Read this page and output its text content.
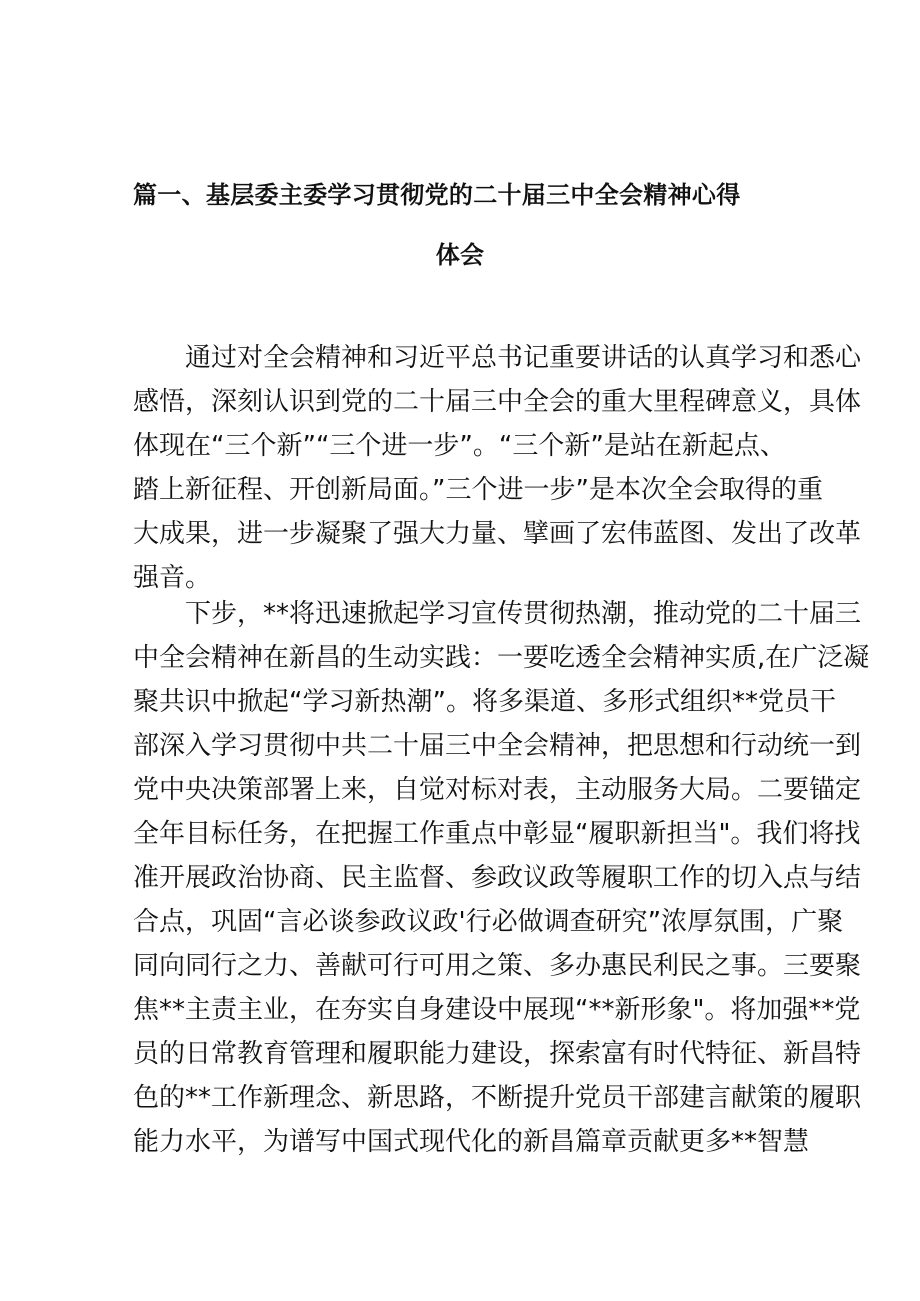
篇一、基层委主委学习贯彻党的二十届三中全会精神心得
体会
通过对全会精神和习近平总书记重要讲话的认真学习和悉心
感悟，深刻认识到党的二十届三中全会的重大里程碑意义，具体
体现在“三个新”“三个进一步”。“三个新”是站在新起点、
踏上新征程、开创新局面。”三个进一步”是本次全会取得的重
大成果，进一步凝聚了强大力量、擘画了宏伟蓝图、发出了改革
强音。
下步，**将迅速掀起学习宣传贯彻热潮，推动党的二十届三
中全会精神在新昌的生动实践：一要吃透全会精神实质,在广泛凝
聚共识中掀起“学习新热潮”。将多渠道、多形式组织**党员干
部深入学习贯彻中共二十届三中全会精神，把思想和行动统一到
党中央决策部署上来，自觉对标对表，主动服务大局。二要锚定
全年目标任务，在把握工作重点中彰显“履职新担当"。我们将找
准开展政治协商、民主监督、参政议政等履职工作的切入点与结
合点，巩固“言必谈参政议政'行必做调查研究”浓厚氛围，广聚
同向同行之力、善献可行可用之策、多办惠民利民之事。三要聚
焦**主责主业，在夯实自身建设中展现“**新形象"。将加强**党
员的日常教育管理和履职能力建设，探索富有时代特征、新昌特
色的**工作新理念、新思路，不断提升党员干部建言献策的履职
能力水平，为谱写中国式现代化的新昌篇章贡献更多**智慧
